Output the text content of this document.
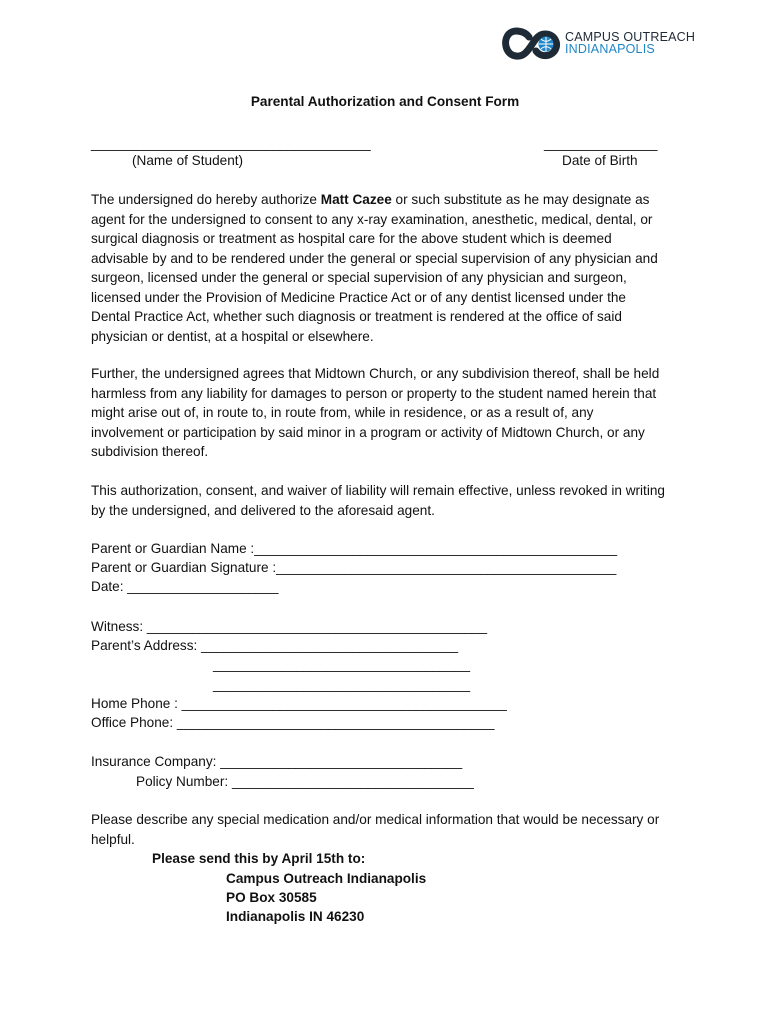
CAMPUS OUTREACH
INDIANAPOLIS
Parental Authorization and Consent Form
_____________________________________	_______________
(Name of Student)	Date of Birth
The undersigned do hereby authorize Matt Cazee or such substitute as he may designate as
agent for the undersigned to consent to any x-ray examination, anesthetic, medical, dental, or
surgical diagnosis or treatment as hospital care for the above student which is deemed
advisable by and to be rendered under the general or special supervision of any physician and
surgeon, licensed under the general or special supervision of any physician and surgeon,
licensed under the Provision of Medicine Practice Act or of any dentist licensed under the
Dental Practice Act, whether such diagnosis or treatment is rendered at the office of said
physician or dentist, at a hospital or elsewhere.
Further, the undersigned agrees that Midtown Church, or any subdivision thereof, shall be held
harmless from any liability for damages to person or property to the student named herein that
might arise out of, in route to, in route from, while in residence, or as a result of, any
involvement or participation by said minor in a program or activity of Midtown Church, or any
subdivision thereof.
This authorization, consent, and waiver of liability will remain effective, unless revoked in writing
by the undersigned, and delivered to the aforesaid agent.
Parent or Guardian Name :________________________________________________
Parent or Guardian Signature :_____________________________________________
Date: ____________________
Witness: _____________________________________________
Parent’s Address: __________________________________
__________________________________
__________________________________
Home Phone : ___________________________________________
Office Phone: __________________________________________
Insurance Company: ________________________________
Policy Number: ________________________________
Please describe any special medication and/or medical information that would be necessary or
helpful.
Please send this by April 15th to:
Campus Outreach Indianapolis
PO Box 30585
Indianapolis IN 46230
